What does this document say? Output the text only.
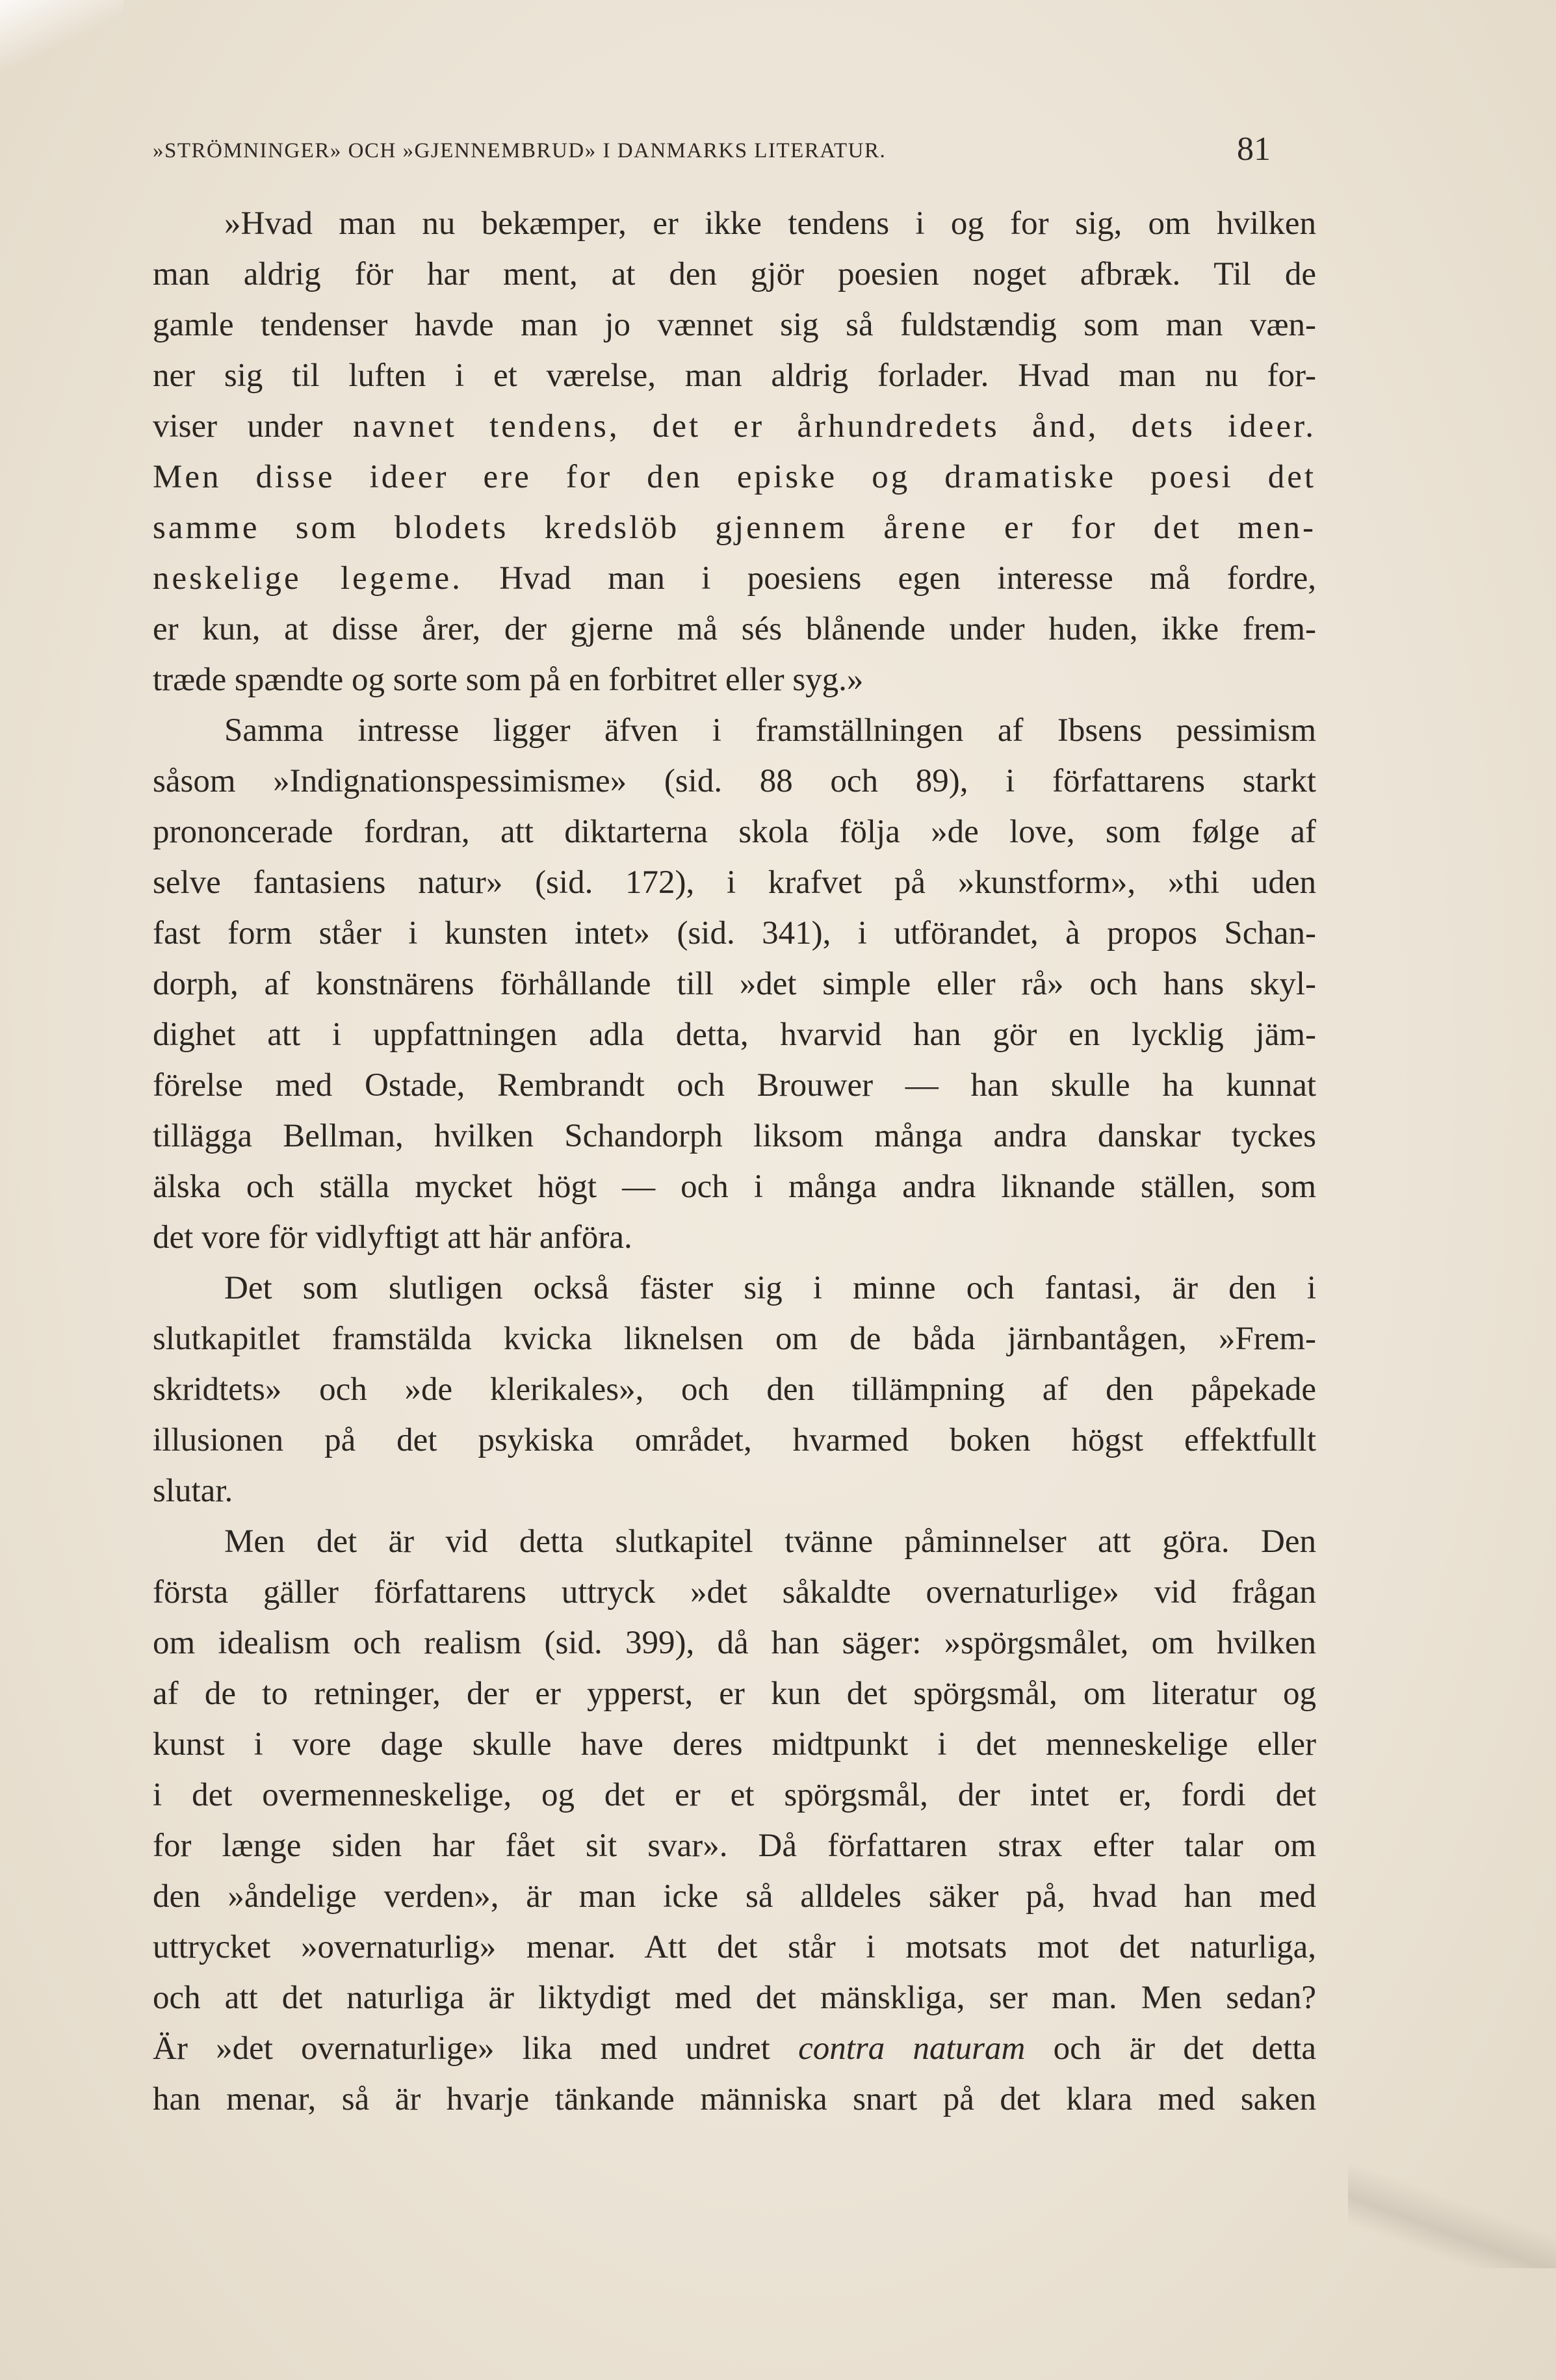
»STRÖMNINGER» OCH »GJENNEMBRUD» I DANMARKS LITERATUR.	81
»Hvad man nu bekæmper, er ikke tendens i og for sig, om hvilken
man aldrig för har ment, at den gjör poesien noget afbræk. Til de
gamle tendenser havde man jo vænnet sig så fuldstændig som man væn-
ner sig til luften i et værelse, man aldrig forlader. Hvad man nu for-
viser under navnet tendens, det er århundredets ånd, dets ideer.
Men disse ideer ere for den episke og dramatiske poesi det
samme som blodets kredslöb gjennem årene er for det men-
neskelige legeme. Hvad man i poesiens egen interesse må fordre,
er kun, at disse årer, der gjerne må sés blånende under huden, ikke frem-
træde spændte og sorte som på en forbitret eller syg.»
Samma intresse ligger äfven i framställningen af Ibsens pessimism
såsom »Indignationspessimisme» (sid. 88 och 89), i författarens starkt
prononcerade fordran, att diktarterna skola följa »de love, som følge af
selve fantasiens natur» (sid. 172), i krafvet på »kunstform», »thi uden
fast form ståer i kunsten intet» (sid. 341), i utförandet, à propos Schan-
dorph, af konstnärens förhållande till »det simple eller rå» och hans skyl-
dighet att i uppfattningen adla detta, hvarvid han gör en lycklig jäm-
förelse med Ostade, Rembrandt och Brouwer — han skulle ha kunnat
tillägga Bellman, hvilken Schandorph liksom många andra danskar tyckes
älska och ställa mycket högt — och i många andra liknande ställen, som
det vore för vidlyftigt att här anföra.
Det som slutligen också fäster sig i minne och fantasi, är den i
slutkapitlet framstälda kvicka liknelsen om de båda järnbantågen, »Frem-
skridtets» och »de klerikales», och den tillämpning af den påpekade
illusionen på det psykiska området, hvarmed boken högst effektfullt
slutar.
Men det är vid detta slutkapitel tvänne påminnelser att göra. Den
första gäller författarens uttryck »det såkaldte overnaturlige» vid frågan
om idealism och realism (sid. 399), då han säger: »spörgsmålet, om hvilken
af de to retninger, der er ypperst, er kun det spörgsmål, om literatur og
kunst i vore dage skulle have deres midtpunkt i det menneskelige eller
i det overmenneskelige, og det er et spörgsmål, der intet er, fordi det
for længe siden har fået sit svar». Då författaren strax efter talar om
den »åndelige verden», är man icke så alldeles säker på, hvad han med
uttrycket »overnaturlig» menar. Att det står i motsats mot det naturliga,
och att det naturliga är liktydigt med det mänskliga, ser man. Men sedan?
Är »det overnaturlige» lika med undret contra naturam och är det detta
han menar, så är hvarje tänkande människa snart på det klara med saken
